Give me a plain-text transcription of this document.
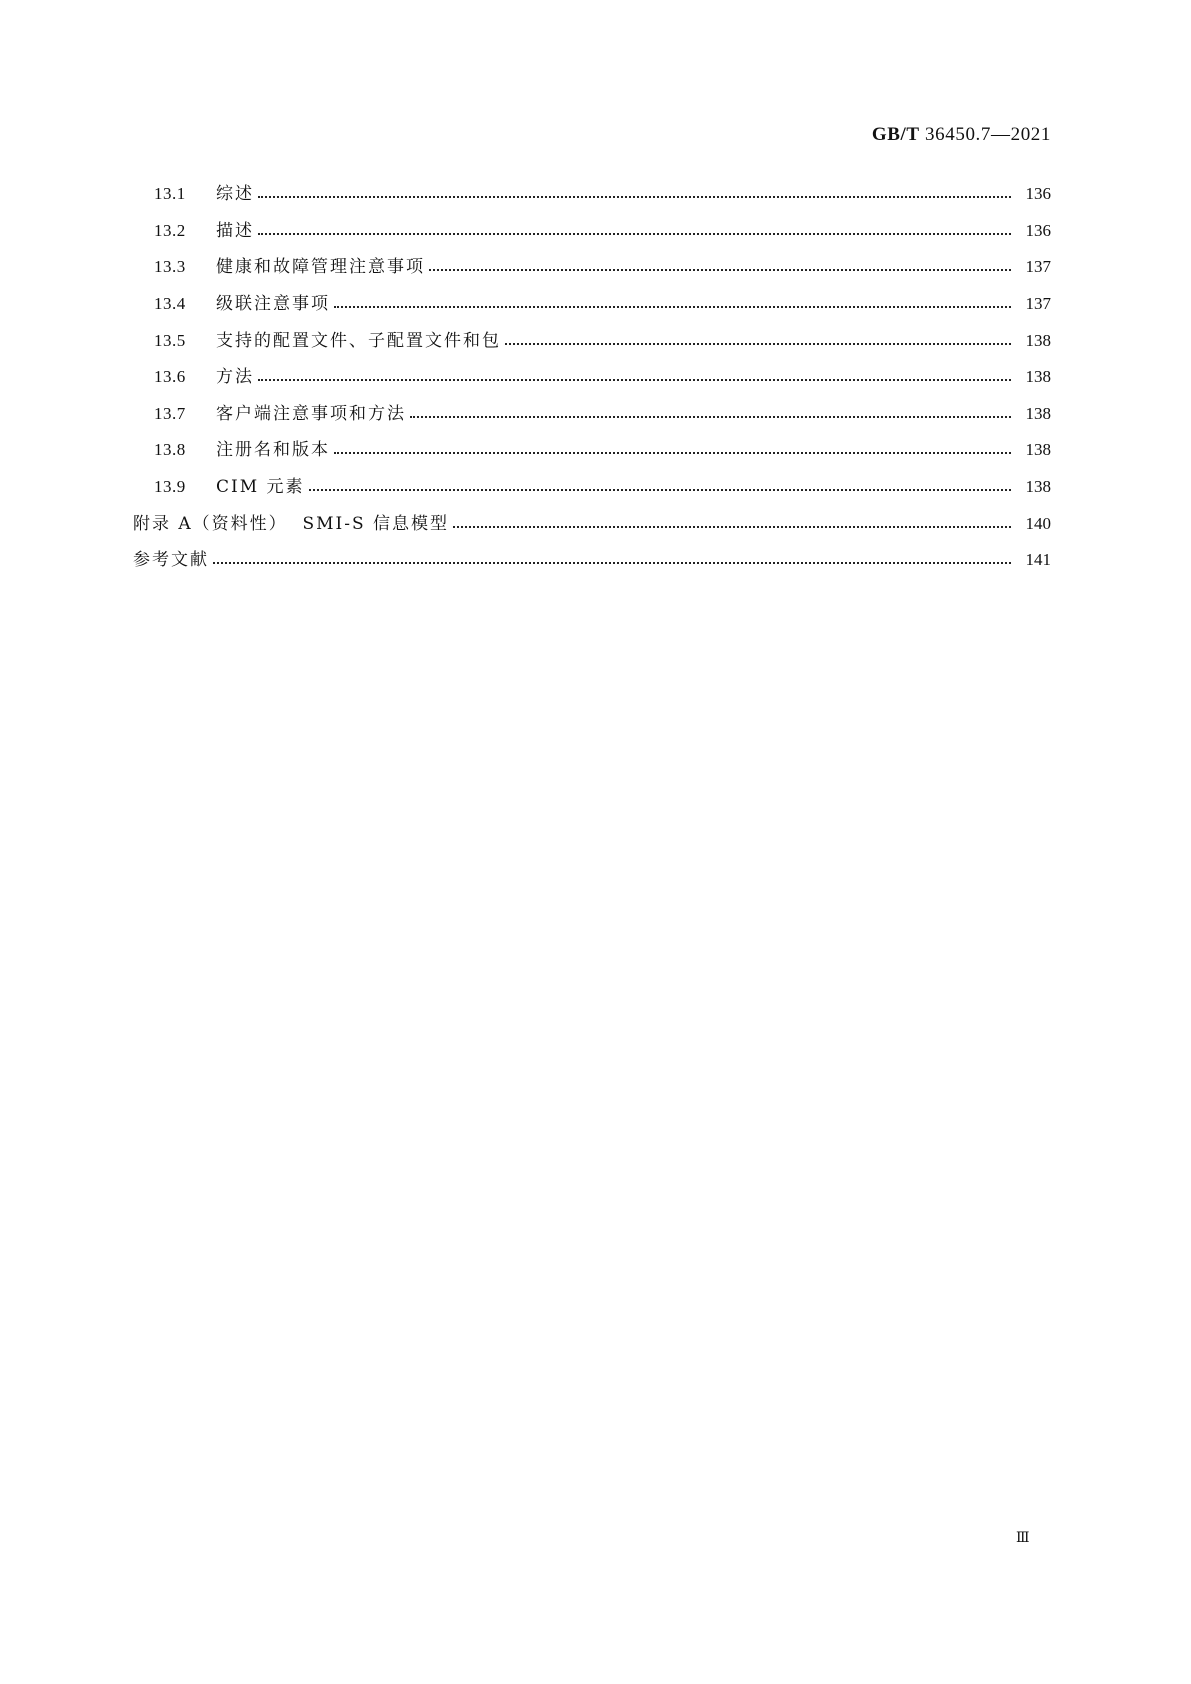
GB/T 36450.7—2021
13.1	综述	136
13.2	描述	136
13.3	健康和故障管理注意事项	137
13.4	级联注意事项	137
13.5	支持的配置文件、子配置文件和包	138
13.6	方法	138
13.7	客户端注意事项和方法	138
13.8	注册名和版本	138
13.9	CIM 元素	138
附录 A（资料性）  SMI-S 信息模型	140
参考文献	141
Ⅲ
